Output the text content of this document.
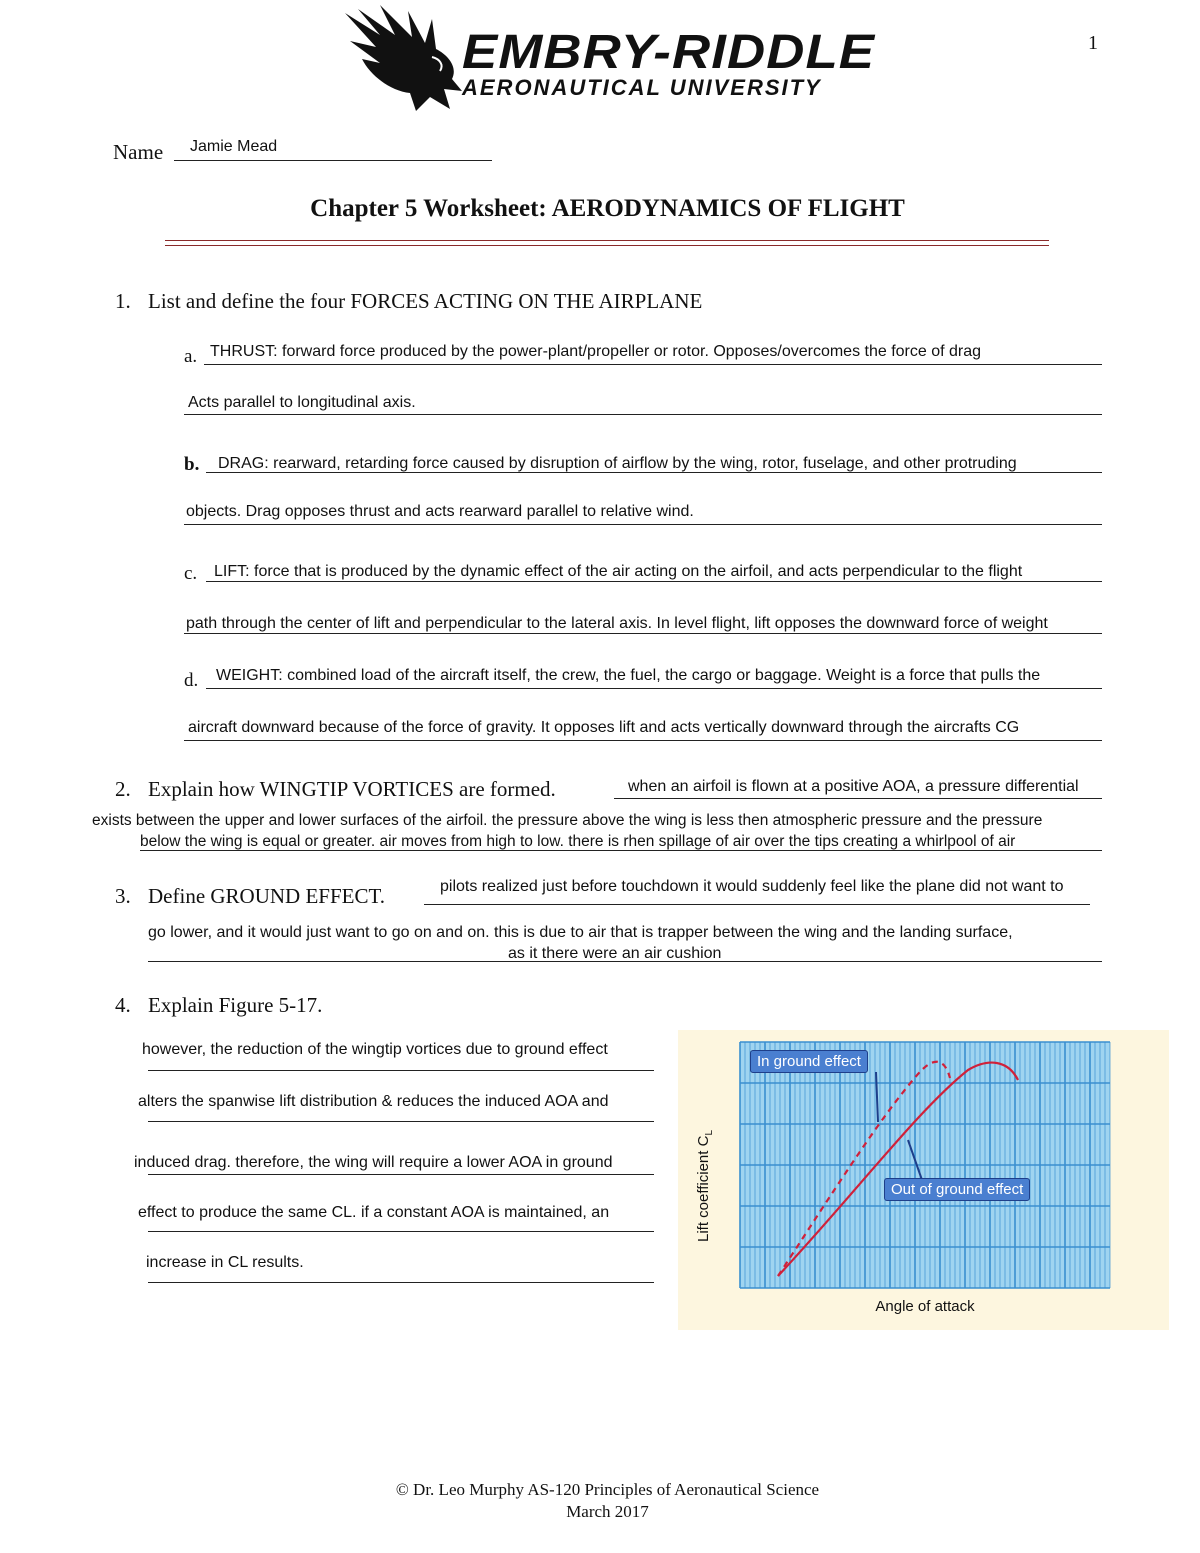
1
EMBRY-RIDDLE
AERONAUTICAL UNIVERSITY
Name Jamie Mead
Chapter 5 Worksheet: AERODYNAMICS OF FLIGHT
1. List and define the four FORCES ACTING ON THE AIRPLANE
a. THRUST: forward force produced by the power-plant/propeller or rotor. Opposes/overcomes the force of drag
Acts parallel to longitudinal axis.
b. DRAG: rearward, retarding force caused by disruption of airflow by the wing, rotor, fuselage, and other protruding
objects. Drag opposes thrust and acts rearward parallel to relative wind.
c. LIFT: force that is produced by the dynamic effect of the air acting on the airfoil, and acts perpendicular to the flight
path through the center of lift and perpendicular to the lateral axis. In level flight, lift opposes the downward force of weight
d. WEIGHT: combined load of the aircraft itself, the crew, the fuel, the cargo or baggage. Weight is a force that pulls the
aircraft downward because of the force of gravity. It opposes lift and acts vertically downward through the aircrafts CG
2. Explain how WINGTIP VORTICES are formed.	when an airfoil is flown at a positive AOA, a pressure differential
exists between the upper and lower surfaces of the airfoil. the pressure above the wing is less then atmospheric pressure and the pressure
below the wing is equal or greater. air moves from high to low. there is rhen spillage of air over the tips creating a whirlpool of air
3. Define GROUND EFFECT.	pilots realized just before touchdown it would suddenly feel like the plane did not want to
go lower, and it would just want to go on and on. this is due to air that is trapper between the wing and the landing surface,
as it there were an air cushion
4. Explain Figure 5-17.
however, the reduction of the wingtip vortices due to ground effect
alters the spanwise lift distribution & reduces the induced AOA and
induced drag. therefore, the wing will require a lower AOA in ground
effect to produce the same CL. if a constant AOA is maintained, an
increase in CL results.
In ground effect
Out of ground effect
Lift coefficient $C_L$
Angle of attack
© Dr. Leo Murphy AS-120 Principles of Aeronautical Science
March 2017
